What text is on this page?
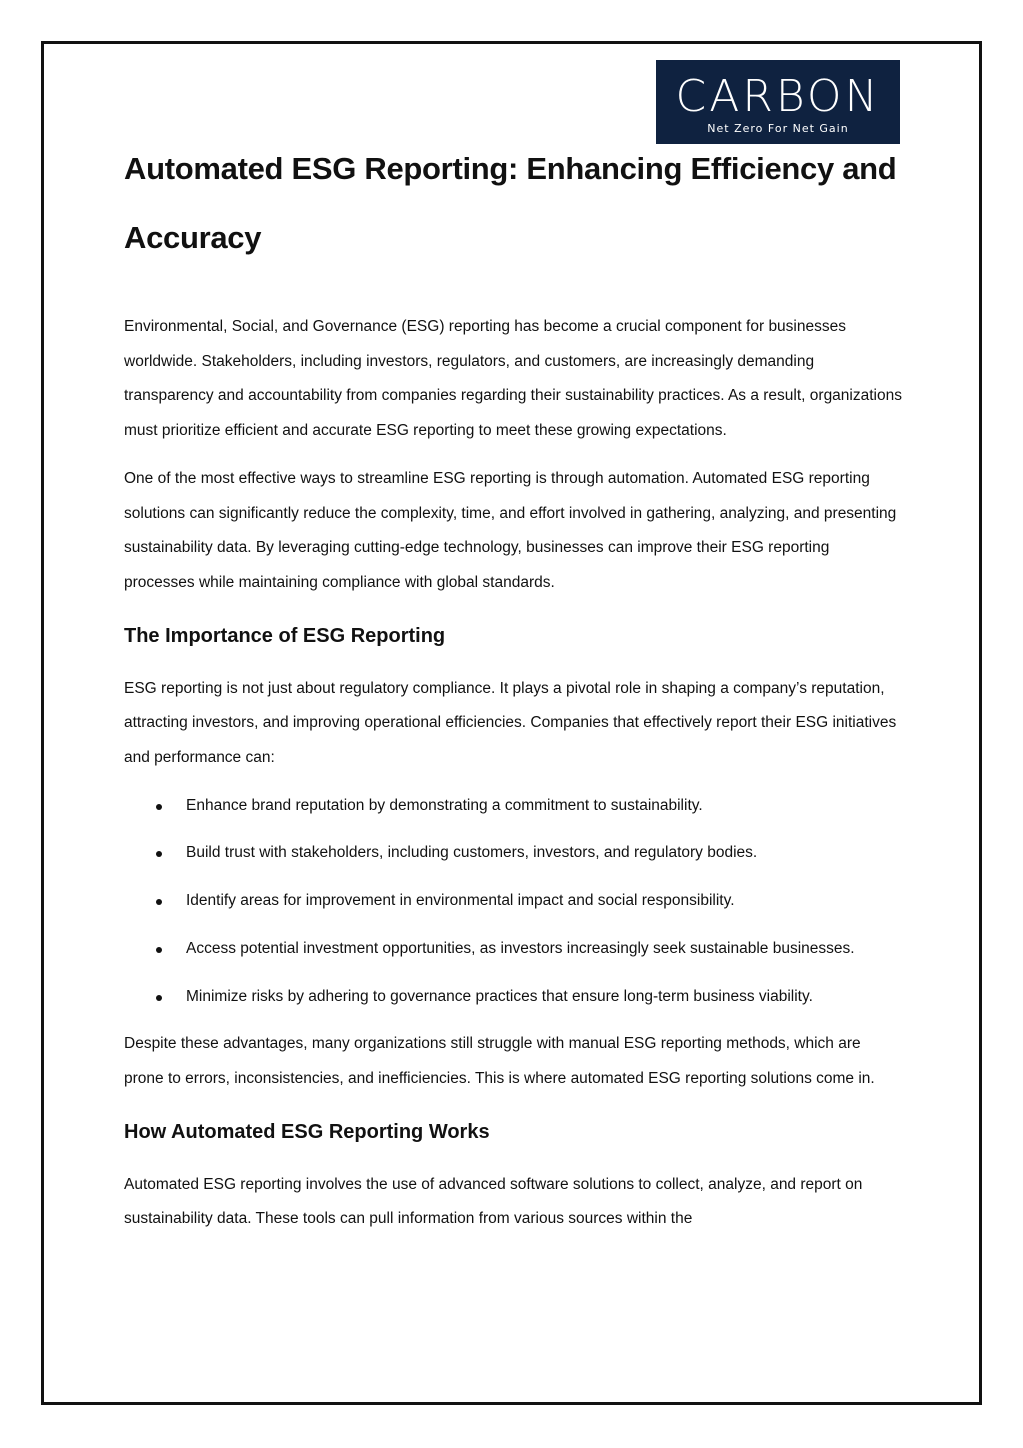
CARBON
Net Zero For Net Gain
Automated ESG Reporting: Enhancing Efficiency and Accuracy

Environmental, Social, and Governance (ESG) reporting has become a crucial component for businesses worldwide. Stakeholders, including investors, regulators, and customers, are increasingly demanding transparency and accountability from companies regarding their sustainability practices. As a result, organizations must prioritize efficient and accurate ESG reporting to meet these growing expectations.

One of the most effective ways to streamline ESG reporting is through automation. Automated ESG reporting solutions can significantly reduce the complexity, time, and effort involved in gathering, analyzing, and presenting sustainability data. By leveraging cutting-edge technology, businesses can improve their ESG reporting processes while maintaining compliance with global standards.

The Importance of ESG Reporting

ESG reporting is not just about regulatory compliance. It plays a pivotal role in shaping a company’s reputation, attracting investors, and improving operational efficiencies. Companies that effectively report their ESG initiatives and performance can:

Enhance brand reputation by demonstrating a commitment to sustainability.
Build trust with stakeholders, including customers, investors, and regulatory bodies.
Identify areas for improvement in environmental impact and social responsibility.
Access potential investment opportunities, as investors increasingly seek sustainable businesses.
Minimize risks by adhering to governance practices that ensure long-term business viability.

Despite these advantages, many organizations still struggle with manual ESG reporting methods, which are prone to errors, inconsistencies, and inefficiencies. This is where automated ESG reporting solutions come in.

How Automated ESG Reporting Works

Automated ESG reporting involves the use of advanced software solutions to collect, analyze, and report on sustainability data. These tools can pull information from various sources within the
